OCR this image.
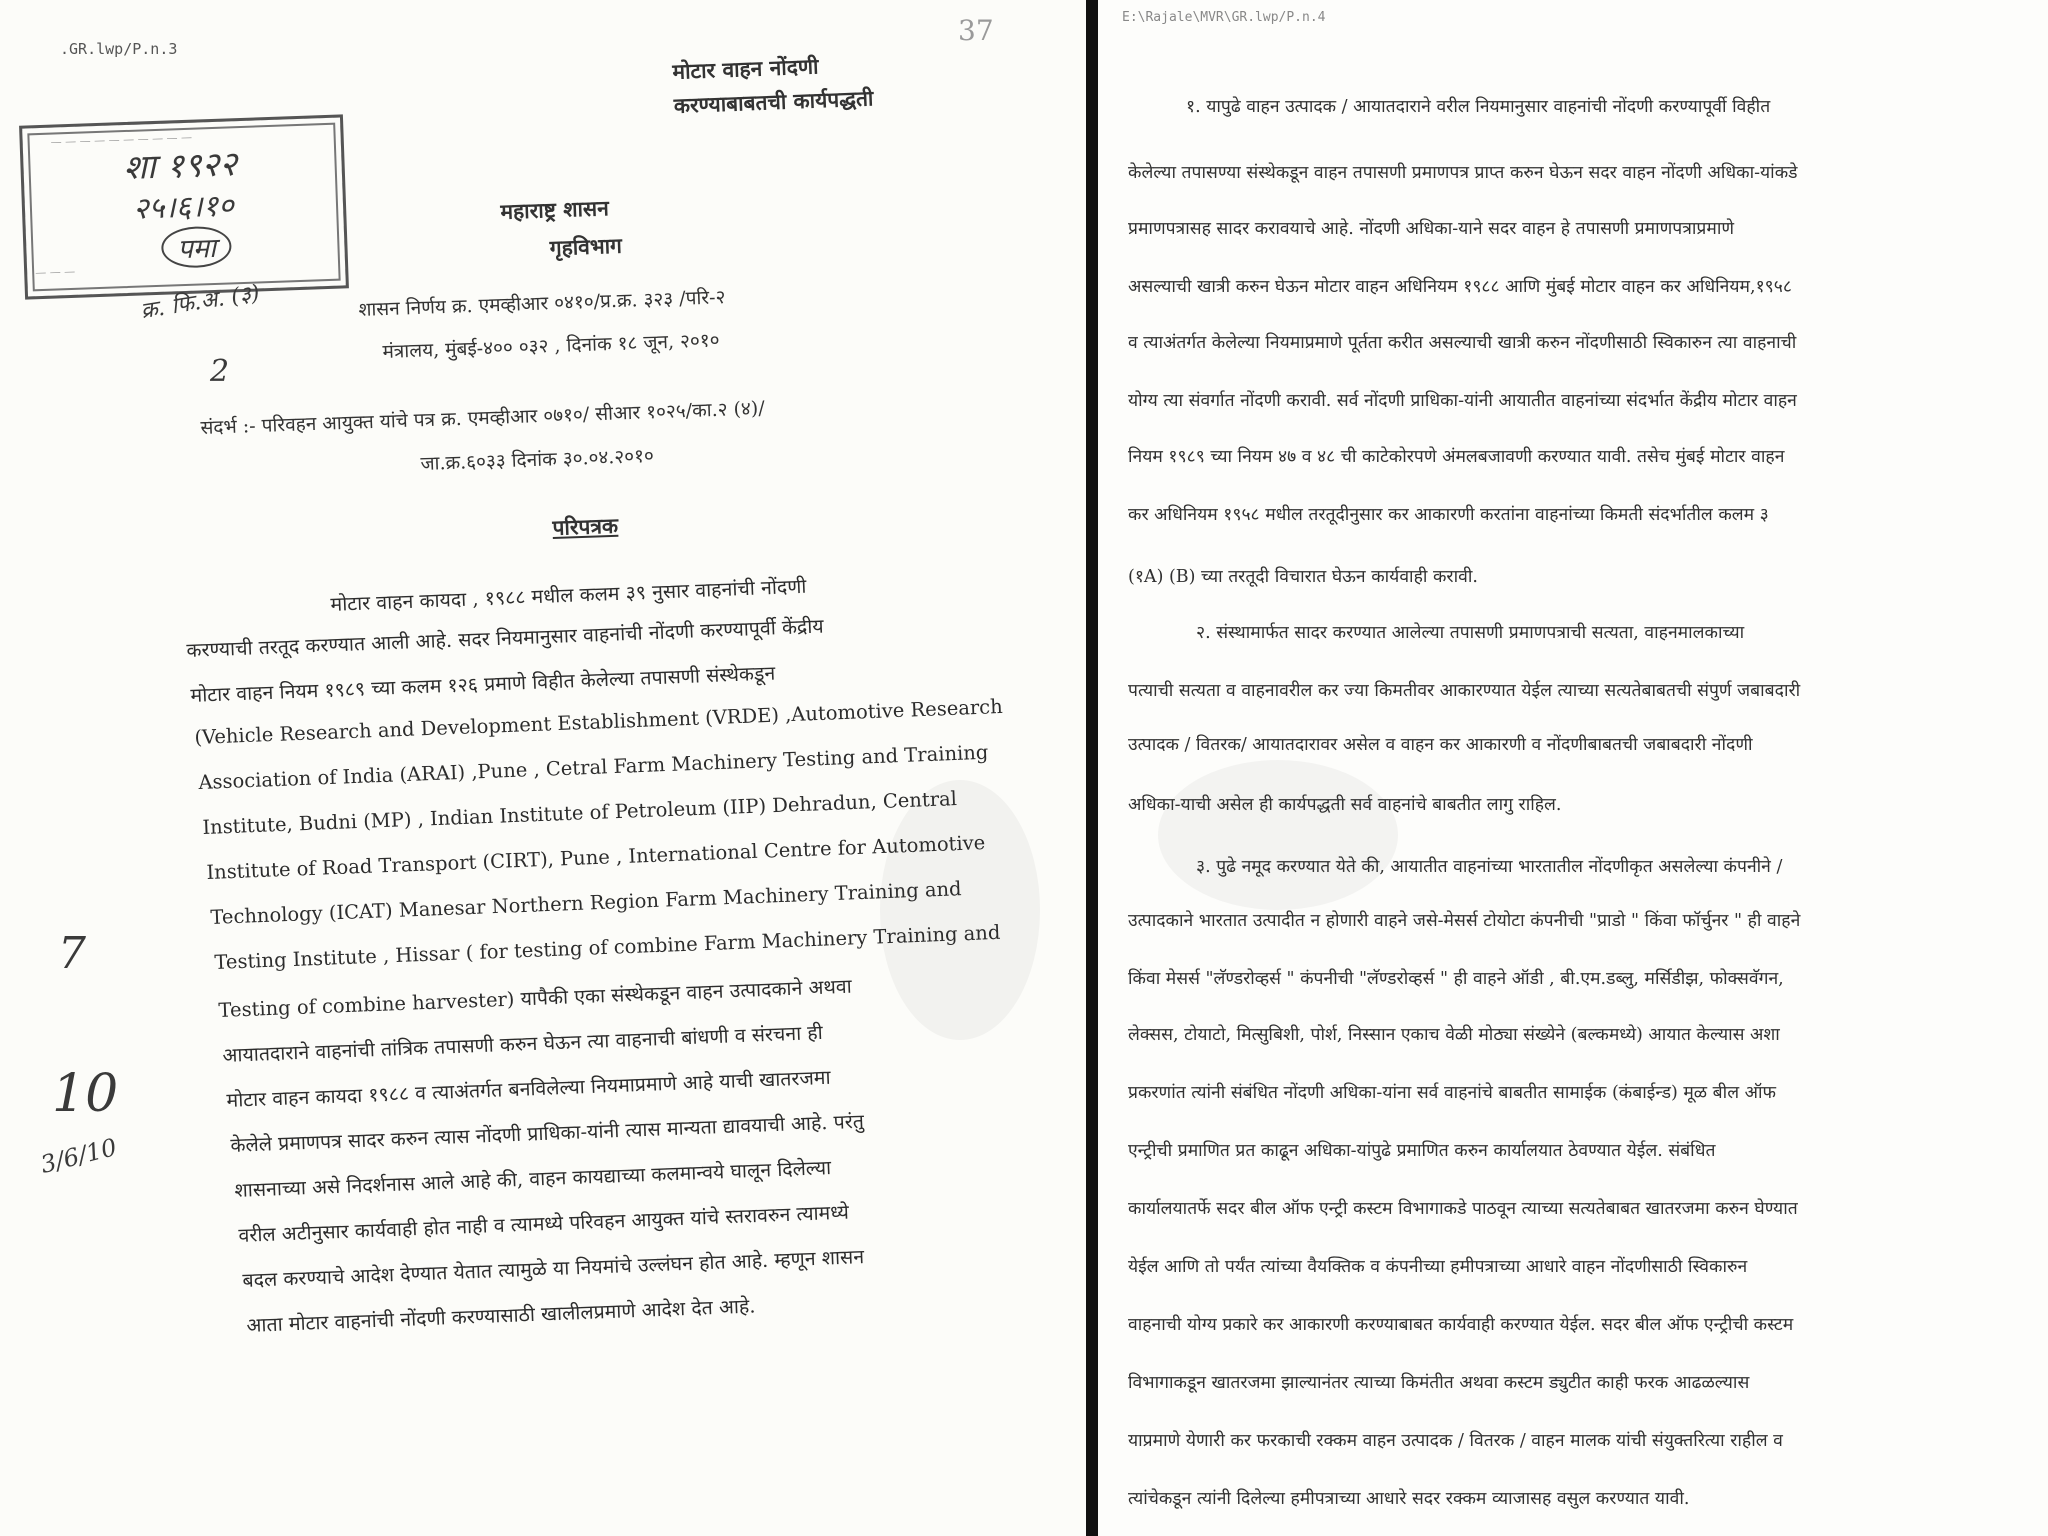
.GR.lwp/P.n.3
37
मोटार वाहन नोंदणी
करण्याबाबतची कार्यपद्धती
— — — — — — — — — —
शा १९२२
२५।६।१०
पमा
— — —
क्र. फि.अ. (३)
महाराष्ट्र शासन
गृहविभाग
शासन निर्णय क्र. एमव्हीआर ०४१०/प्र.क्र. ३२३ /परि-२
मंत्रालय, मुंबई-४०० ०३२ , दिनांक १८ जून, २०१०
2
संदर्भ :- परिवहन आयुक्त यांचे पत्र क्र. एमव्हीआर ०७१०/ सीआर १०२५/का.२ (४)/
जा.क्र.६०३३ दिनांक ३०.०४.२०१०
परिपत्रक
7
10
3/6/10
मोटार वाहन कायदा , १९८८ मधील कलम ३९ नुसार वाहनांची नोंदणी
करण्याची तरतूद करण्यात आली आहे. सदर नियमानुसार वाहनांची नोंदणी करण्यापूर्वी केंद्रीय
मोटार वाहन नियम १९८९ च्या कलम १२६ प्रमाणे विहीत केलेल्या तपासणी संस्थेकडून
(Vehicle Research and Development Establishment (VRDE) ,Automotive Research
Association of India (ARAI) ,Pune , Cetral Farm Machinery Testing and Training
Institute, Budni (MP) , Indian Institute of Petroleum (IIP) Dehradun, Central
Institute of Road Transport (CIRT), Pune , International Centre for Automotive
Technology (ICAT) Manesar Northern Region Farm Machinery Training and
Testing Institute , Hissar ( for testing of combine Farm Machinery Training and
Testing of combine harvester) यापैकी एका संस्थेकडून वाहन उत्पादकाने अथवा
आयातदाराने वाहनांची तांत्रिक तपासणी करुन घेऊन त्या वाहनाची बांधणी व संरचना ही
मोटार वाहन कायदा १९८८ व त्याअंतर्गत बनविलेल्या नियमाप्रमाणे आहे याची खातरजमा
केलेले प्रमाणपत्र सादर करुन त्यास नोंदणी प्राधिका-यांनी त्यास मान्यता द्यावयाची आहे. परंतु
शासनाच्या असे निदर्शनास आले आहे की, वाहन कायद्याच्या कलमान्वये घालून दिलेल्या
वरील अटीनुसार कार्यवाही होत नाही व त्यामध्ये परिवहन आयुक्त यांचे स्तरावरुन त्यामध्ये
बदल करण्याचे आदेश देण्यात येतात त्यामुळे या नियमांचे उल्लंघन होत आहे. म्हणून शासन
आता मोटार वाहनांची नोंदणी करण्यासाठी खालीलप्रमाणे आदेश देत आहे.
E:\Rajale\MVR\GR.lwp/P.n.4
१. यापुढे वाहन उत्पादक / आयातदाराने वरील नियमानुसार वाहनांची नोंदणी करण्यापूर्वी विहीत
केलेल्या तपासण्या संस्थेकडून वाहन तपासणी प्रमाणपत्र प्राप्त करुन घेऊन सदर वाहन नोंदणी अधिका-यांकडे
प्रमाणपत्रासह सादर करावयाचे आहे. नोंदणी अधिका-याने सदर वाहन हे तपासणी प्रमाणपत्राप्रमाणे
असल्याची खात्री करुन घेऊन मोटार वाहन अधिनियम १९८८ आणि मुंबई मोटार वाहन कर अधिनियम,१९५८
व त्याअंतर्गत केलेल्या नियमाप्रमाणे पूर्तता करीत असल्याची खात्री करुन नोंदणीसाठी स्विकारुन त्या वाहनाची
योग्य त्या संवर्गात नोंदणी करावी. सर्व नोंदणी प्राधिका-यांनी आयातीत वाहनांच्या संदर्भात केंद्रीय मोटार वाहन
नियम १९८९ च्या नियम ४७ व ४८ ची काटेकोरपणे अंमलबजावणी करण्यात यावी. तसेच मुंबई मोटार वाहन
कर अधिनियम १९५८ मधील तरतूदीनुसार कर आकारणी करतांना वाहनांच्या किमती संदर्भातील कलम ३
(१A) (B) च्या तरतूदी विचारात घेऊन कार्यवाही करावी.
२. संस्थामार्फत सादर करण्यात आलेल्या तपासणी प्रमाणपत्राची सत्यता, वाहनमालकाच्या
पत्याची सत्यता व वाहनावरील कर ज्या किमतीवर आकारण्यात येईल त्याच्या सत्यतेबाबतची संपुर्ण जबाबदारी
उत्पादक / वितरक/ आयातदारावर असेल व वाहन कर आकारणी व नोंदणीबाबतची जबाबदारी नोंदणी
अधिका-याची असेल ही कार्यपद्धती सर्व वाहनांचे बाबतीत लागु राहिल.
३. पुढे नमूद करण्यात येते की, आयातीत वाहनांच्या भारतातील नोंदणीकृत असलेल्या कंपनीने /
उत्पादकाने भारतात उत्पादीत न होणारी वाहने जसे-मेसर्स टोयोटा कंपनीची "प्राडो " किंवा फॉर्चुनर " ही वाहने
किंवा मेसर्स "लॅण्डरोव्हर्स " कंपनीची "लॅण्डरोव्हर्स " ही वाहने ऑडी , बी.एम.डब्लु, मर्सिडीझ, फोक्सवॅगन,
लेक्सस, टोयाटो, मित्सुबिशी, पोर्श, निस्सान एकाच वेळी मोठ्या संख्येने (बल्कमध्ये) आयात केल्यास अशा
प्रकरणांत त्यांनी संबंधित नोंदणी अधिका-यांना सर्व वाहनांचे बाबतीत सामाईक (कंबाईन्ड) मूळ बील ऑफ
एन्ट्रीची प्रमाणित प्रत काढून अधिका-यांपुढे प्रमाणित करुन कार्यालयात ठेवण्यात येईल. संबंधित
कार्यालयातर्फे सदर बील ऑफ एन्ट्री कस्टम विभागाकडे पाठवून त्याच्या सत्यतेबाबत खातरजमा करुन घेण्यात
येईल आणि तो पर्यंत त्यांच्या वैयक्तिक व कंपनीच्या हमीपत्राच्या आधारे वाहन नोंदणीसाठी स्विकारुन
वाहनाची योग्य प्रकारे कर आकारणी करण्याबाबत कार्यवाही करण्यात येईल. सदर बील ऑफ एन्ट्रीची कस्टम
विभागाकडून खातरजमा झाल्यानंतर त्याच्या किमंतीत अथवा कस्टम ड्युटीत काही फरक आढळल्यास
याप्रमाणे येणारी कर फरकाची रक्कम वाहन उत्पादक / वितरक / वाहन मालक यांची संयुक्तरित्या राहील व
त्यांचेकडून त्यांनी दिलेल्या हमीपत्राच्या आधारे सदर रक्कम व्याजासह वसुल करण्यात यावी.
